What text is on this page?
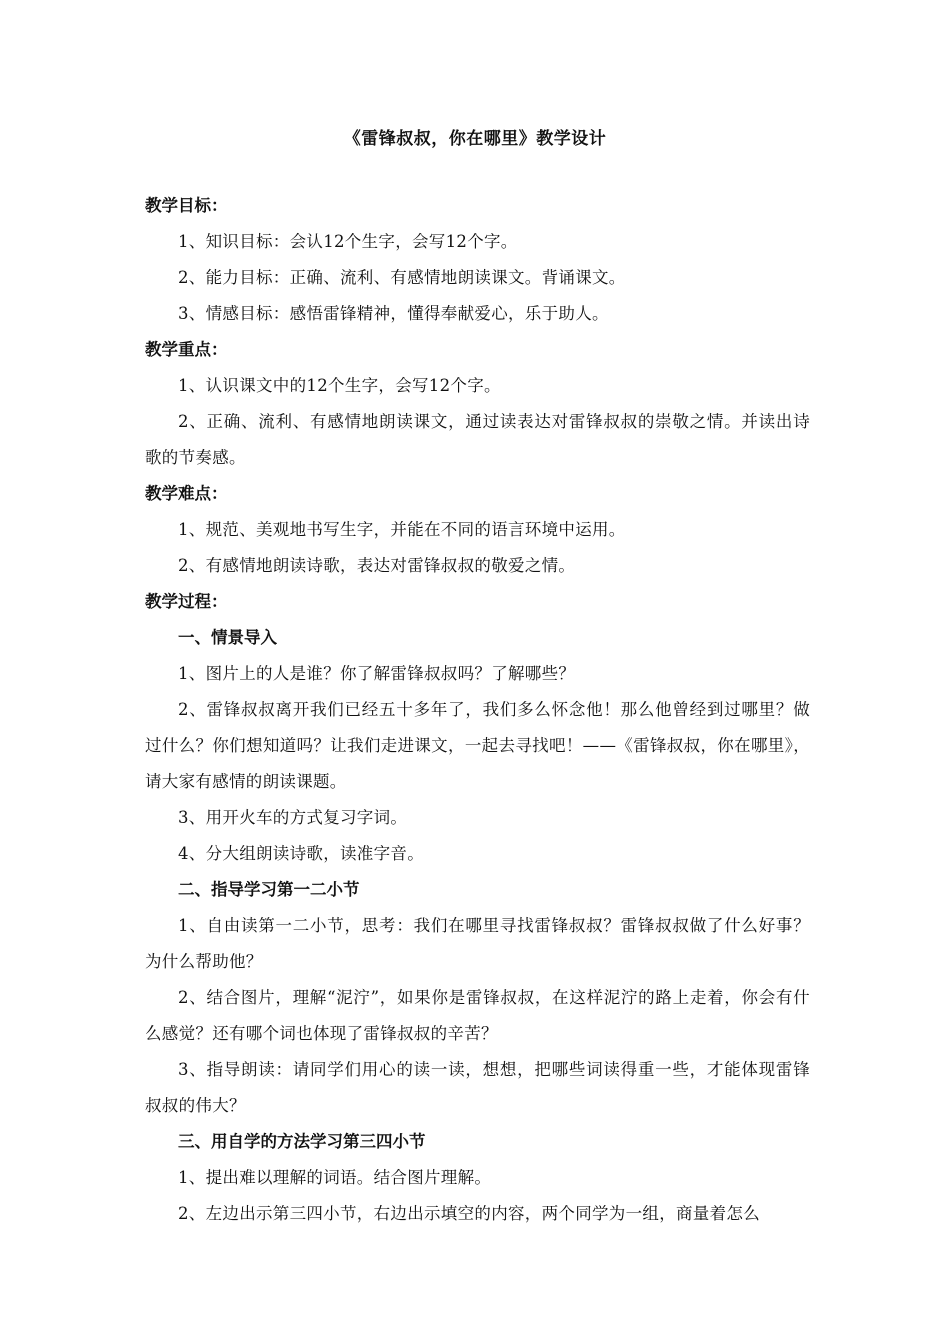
《雷锋叔叔，你在哪里》教学设计
教学目标：
1、知识目标：会认12个生字，会写12个字。
2、能力目标：正确、流利、有感情地朗读课文。背诵课文。
3、情感目标：感悟雷锋精神，懂得奉献爱心，乐于助人。
教学重点：
1、认识课文中的12个生字，会写12个字。
2、正确、流利、有感情地朗读课文，通过读表达对雷锋叔叔的崇敬之情。并读出诗歌的节奏感。
教学难点：
1、规范、美观地书写生字，并能在不同的语言环境中运用。
2、有感情地朗读诗歌，表达对雷锋叔叔的敬爱之情。
教学过程：
一、情景导入
1、图片上的人是谁？你了解雷锋叔叔吗？了解哪些？
2、雷锋叔叔离开我们已经五十多年了，我们多么怀念他！那么他曾经到过哪里？做过什么？你们想知道吗？让我们走进课文，一起去寻找吧！——《雷锋叔叔，你在哪里》，请大家有感情的朗读课题。
3、用开火车的方式复习字词。
4、分大组朗读诗歌，读准字音。
二、指导学习第一二小节
1、自由读第一二小节，思考：我们在哪里寻找雷锋叔叔？雷锋叔叔做了什么好事？为什么帮助他？
2、结合图片，理解“泥泞”，如果你是雷锋叔叔，在这样泥泞的路上走着，你会有什么感觉？还有哪个词也体现了雷锋叔叔的辛苦？
3、指导朗读：请同学们用心的读一读，想想，把哪些词读得重一些，才能体现雷锋叔叔的伟大？
三、用自学的方法学习第三四小节
1、提出难以理解的词语。结合图片理解。
2、左边出示第三四小节，右边出示填空的内容，两个同学为一组，商量着怎么
